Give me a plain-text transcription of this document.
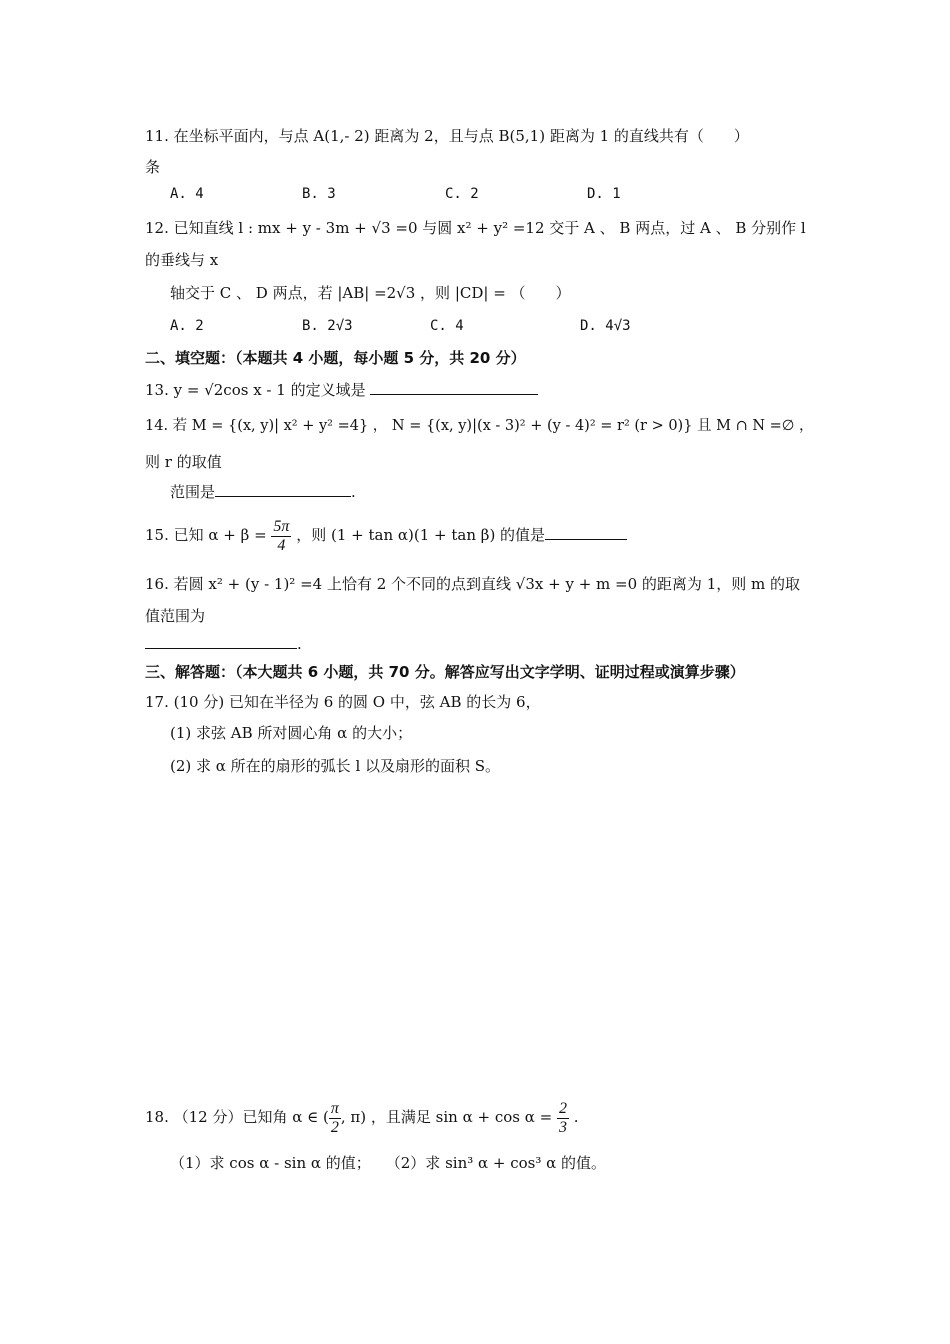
11. 在坐标平面内，与点 A(1,- 2) 距离为 2，且与点 B(5,1) 距离为 1 的直线共有（　　）
条
A. 4	B. 3	C. 2	D. 1
12. 已知直线 l : mx + y - 3m + √3 =0 与圆 x² + y² =12 交于 A 、 B 两点，过 A 、 B 分别作 l
的垂线与 x
轴交于 C 、 D 两点，若 |AB| =2√3 ，则 |CD| = （　　）
A. 2	B. 2√3	C. 4	D. 4√3
二、填空题：（本题共 4 小题，每小题 5 分，共 20 分）
13. y = √2cos x - 1 的定义域是
14. 若 M = {(x, y)| x² + y² =4} ， N = {(x, y)|(x - 3)² + (y - 4)² = r² (r > 0)} 且 M ∩ N =∅ ，
则 r 的取值
范围是	.
15. 已知 $\alpha + \beta = \frac{5\pi}{4}$ ，则 (1 + tan α)(1 + tan β) 的值是
16. 若圆 x² + (y - 1)² =4 上恰有 2 个不同的点到直线 √3x + y + m =0 的距离为 1，则 m 的取
值范围为
.
三、解答题：（本大题共 6 小题，共 70 分。解答应写出文字学明、证明过程或演算步骤）
17. (10 分) 已知在半径为 6 的圆 O 中，弦 AB 的长为 6，
(1) 求弦 AB 所对圆心角 α 的大小；
(2) 求 α 所在的扇形的弧长 l 以及扇形的面积 S。
18. （12 分）已知角 α ∈ ( $\frac{\pi}{2}$ , π) ，且满足 $\sin \alpha + \cos \alpha = \frac{2}{3}$ .
（1）求 cos α - sin α 的值；　　（2）求 sin³ α + cos³ α 的值。
